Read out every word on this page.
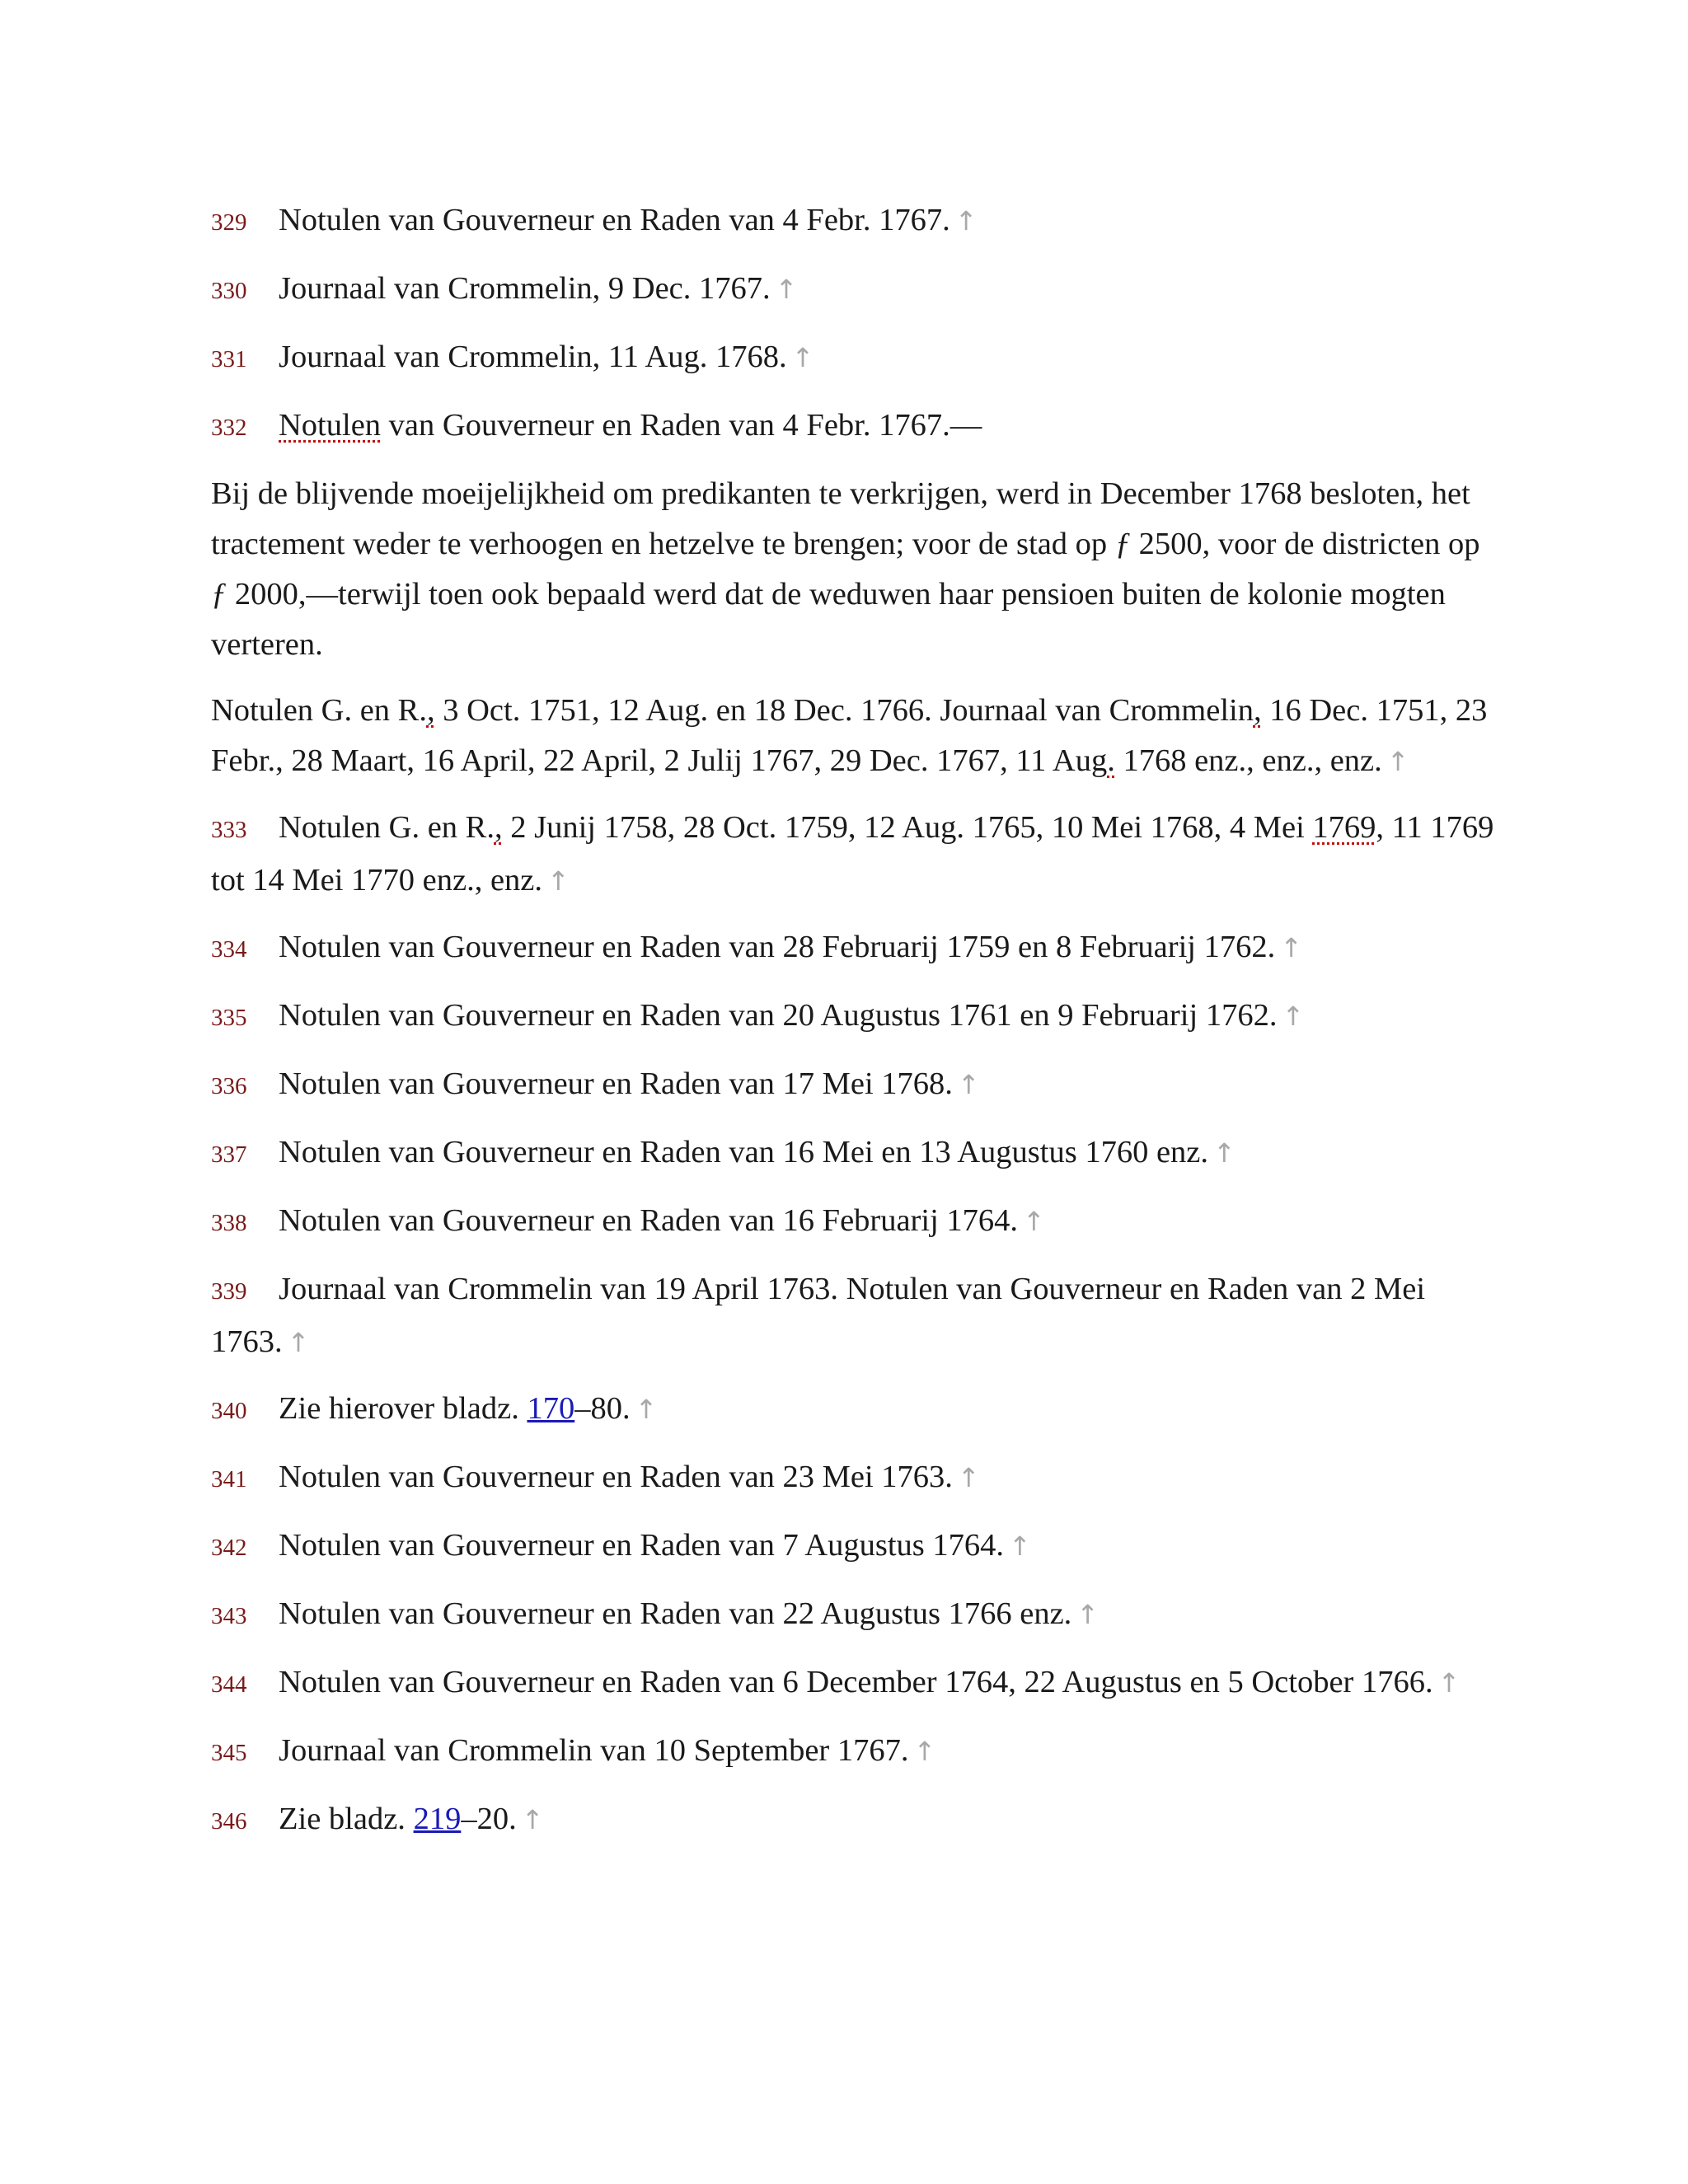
329 Notulen van Gouverneur en Raden van 4 Febr. 1767. ↑
330 Journaal van Crommelin, 9 Dec. 1767. ↑
331 Journaal van Crommelin, 11 Aug. 1768. ↑
332 Notulen van Gouverneur en Raden van 4 Febr. 1767.—
Bij de blijvende moeijelijkheid om predikanten te verkrijgen, werd in December 1768 besloten, het tractement weder te verhoogen en hetzelve te brengen; voor de stad op ƒ 2500, voor de districten op ƒ 2000,—terwijl toen ook bepaald werd dat de weduwen haar pensioen buiten de kolonie mogten verteren.
Notulen G. en R., 3 Oct. 1751, 12 Aug. en 18 Dec. 1766. Journaal van Crommelin, 16 Dec. 1751, 23 Febr., 28 Maart, 16 April, 22 April, 2 Julij 1767, 29 Dec. 1767, 11 Aug. 1768 enz., enz., enz. ↑
333 Notulen G. en R., 2 Junij 1758, 28 Oct. 1759, 12 Aug. 1765, 10 Mei 1768, 4 Mei 1769, 11 1769 tot 14 Mei 1770 enz., enz. ↑
334 Notulen van Gouverneur en Raden van 28 Februarij 1759 en 8 Februarij 1762. ↑
335 Notulen van Gouverneur en Raden van 20 Augustus 1761 en 9 Februarij 1762. ↑
336 Notulen van Gouverneur en Raden van 17 Mei 1768. ↑
337 Notulen van Gouverneur en Raden van 16 Mei en 13 Augustus 1760 enz. ↑
338 Notulen van Gouverneur en Raden van 16 Februarij 1764. ↑
339 Journaal van Crommelin van 19 April 1763. Notulen van Gouverneur en Raden van 2 Mei 1763. ↑
340 Zie hierover bladz. 170–80. ↑
341 Notulen van Gouverneur en Raden van 23 Mei 1763. ↑
342 Notulen van Gouverneur en Raden van 7 Augustus 1764. ↑
343 Notulen van Gouverneur en Raden van 22 Augustus 1766 enz. ↑
344 Notulen van Gouverneur en Raden van 6 December 1764, 22 Augustus en 5 October 1766. ↑
345 Journaal van Crommelin van 10 September 1767. ↑
346 Zie bladz. 219–20. ↑
